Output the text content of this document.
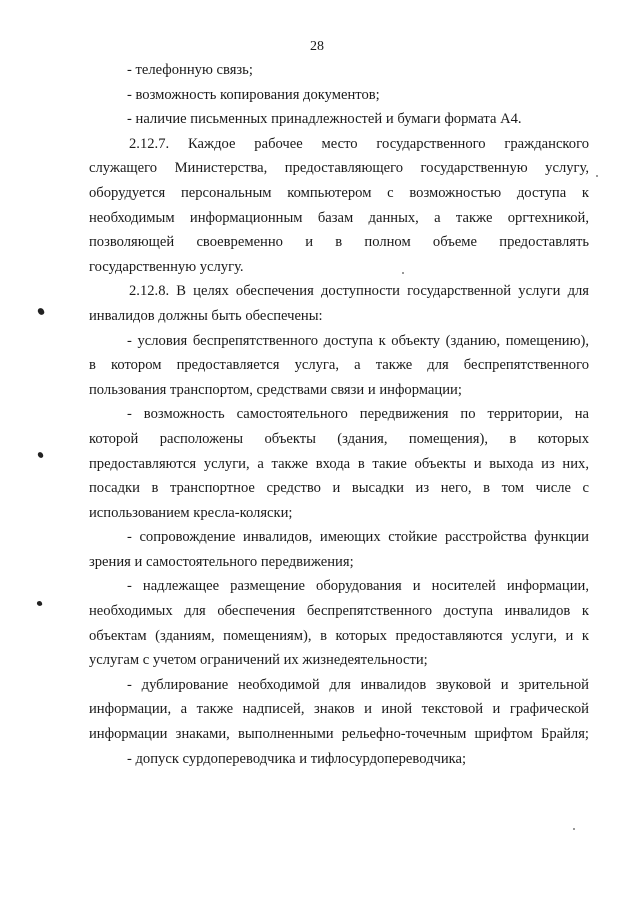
28
- телефонную связь;
- возможность копирования документов;
- наличие письменных принадлежностей и бумаги формата А4.
2.12.7. Каждое рабочее место государственного гражданского
служащего Министерства, предоставляющего государственную услугу,
оборудуется персональным компьютером с возможностью доступа к
необходимым информационным базам данных, а также оргтехникой,
позволяющей своевременно и в полном объеме предоставлять
государственную услугу.
2.12.8. В целях обеспечения доступности государственной услуги для
инвалидов должны быть обеспечены:
- условия беспрепятственного доступа к объекту (зданию, помещению),
в котором предоставляется услуга, а также для беспрепятственного
пользования транспортом, средствами связи и информации;
- возможность самостоятельного передвижения по территории, на
которой расположены объекты (здания, помещения), в которых
предоставляются услуги, а также входа в такие объекты и выхода из них,
посадки в транспортное средство и высадки из него, в том числе с
использованием кресла-коляски;
- сопровождение инвалидов, имеющих стойкие расстройства функции
зрения и самостоятельного передвижения;
- надлежащее размещение оборудования и носителей информации,
необходимых для обеспечения беспрепятственного доступа инвалидов к
объектам (зданиям, помещениям), в которых предоставляются услуги, и к
услугам с учетом ограничений их жизнедеятельности;
- дублирование необходимой для инвалидов звуковой и зрительной
информации, а также надписей, знаков и иной текстовой и графической
информации знаками, выполненными рельефно-точечным шрифтом Брайля;
- допуск сурдопереводчика и тифлосурдопереводчика;
